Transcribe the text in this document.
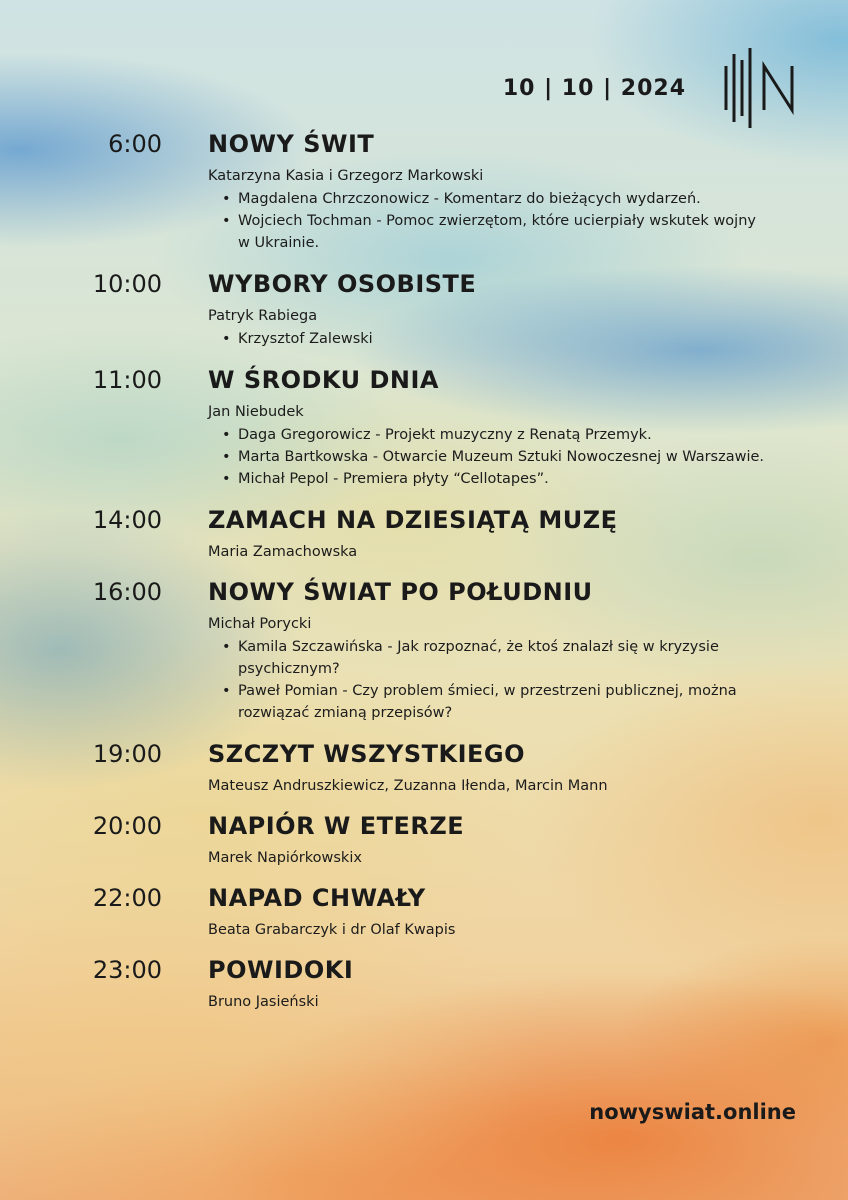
10 | 10 | 2024
6:00 NOWY ŚWIT
Katarzyna Kasia i Grzegorz Markowski
• Magdalena Chrzczonowicz - Komentarz do bieżących wydarzeń.
• Wojciech Tochman - Pomoc zwierzętom, które ucierpiały wskutek wojny w Ukrainie.
10:00 WYBORY OSOBISTE
Patryk Rabiega
• Krzysztof Zalewski
11:00 W ŚRODKU DNIA
Jan Niebudek
• Daga Gregorowicz - Projekt muzyczny z Renatą Przemyk.
• Marta Bartkowska - Otwarcie Muzeum Sztuki Nowoczesnej w Warszawie.
• Michał Pepol - Premiera płyty “Cellotapes”.
14:00 ZAMACH NA DZIESIĄTĄ MUZĘ
Maria Zamachowska
16:00 NOWY ŚWIAT PO POŁUDNIU
Michał Porycki
• Kamila Szczawińska - Jak rozpoznać, że ktoś znalazł się w kryzysie psychicznym?
• Paweł Pomian - Czy problem śmieci, w przestrzeni publicznej, można rozwiązać zmianą przepisów?
19:00 SZCZYT WSZYSTKIEGO
Mateusz Andruszkiewicz, Zuzanna Iłenda, Marcin Mann
20:00 NAPIÓR W ETERZE
Marek Napiórkowskix
22:00 NAPAD CHWAŁY
Beata Grabarczyk i dr Olaf Kwapis
23:00 POWIDOKI
Bruno Jasieński
nowyswiat.online
